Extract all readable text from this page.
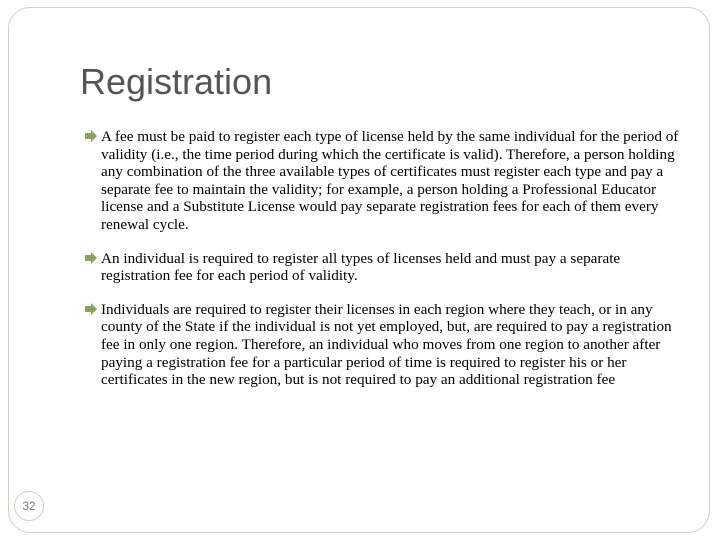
Registration
A fee must be paid to register each type of license held by the same individual for the period of validity (i.e., the time period during which the certificate is valid). Therefore, a person holding any combination of the three available types of certificates must register each type and pay a separate fee to maintain the validity; for example, a person holding a Professional Educator license and a Substitute License would pay separate registration fees for each of them every renewal cycle.
An individual is required to register all types of licenses held and must pay a separate registration fee for each period of validity.
Individuals are required to register their licenses in each region where they teach, or in any county of the State if the individual is not yet employed, but, are required to pay a registration fee in only one region. Therefore, an individual who moves from one region to another after paying a registration fee for a particular period of time is required to register his or her certificates in the new region, but is not required to pay an additional registration fee
32
